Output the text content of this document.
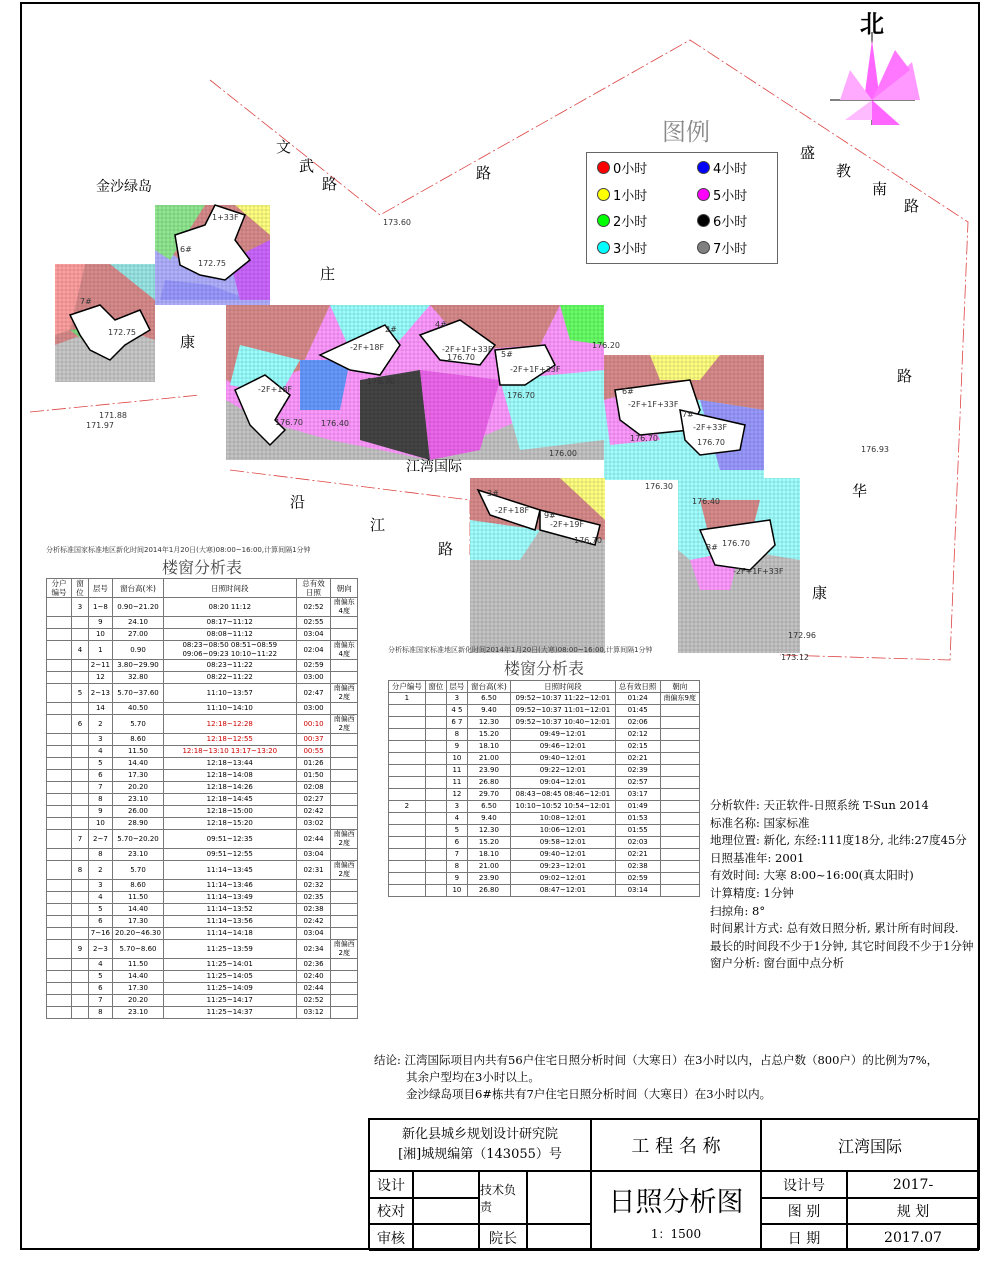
北
文
武
路
路
庄
康
盛
教
南
路
路
沿
江
路
华
康
金沙绿岛
江湾国际
2#
3#
4#
5#
6#
7#
8#
9#
6#
7#
-2F+18F
-2F+18F	-2F+1F+33F
-2F+1F+33F
-2F+1F+33F
-2F+33F
-2F+18F
-2F+19F
-2F+1F+33F
1+33F
173.60
171.88
171.97
172.75
172.75
176.70
176.70
176.70
176.70
176.40
176.20
176.00
176.30
176.93
176.40
176.70	176.70
176.70	176.70
172.96
173.12
图例
0小时	4小时
1小时	5小时
2小时	6小时
3小时	7小时
分析标准国家标准地区新化时间2014年1月20日(大寒)08:00~16:00,计算间隔1分钟
楼窗分析表
分户编号	窗位	层号	窗台高(米)	日照时间段	总有效日照	朝向
	3	1~8	0.90~21.20	08:20 11:12	02:52	南偏东4度
		9	24.10	08:17~11:12	02:55	
		10	27.00	08:08~11:12	03:04	
	4	1	0.90	08:23~08:50 08:51~08:59 09:06~09:23 10:10~11:22	02:04	南偏东4度
		2~11	3.80~29.90	08:23~11:22	02:59	
		12	32.80	08:22~11:22	03:00	
	5	2~13	5.70~37.60	11:10~13:57	02:47	南偏西2度
		14	40.50	11:10~14:10	03:00	
	6	2	5.70	12:18~12:28	00:10	南偏西2度
		3	8.60	12:18~12:55	00:37	
		4	11.50	12:18~13:10 13:17~13:20	00:55	
		5	14.40	12:18~13:44	01:26	
		6	17.30	12:18~14:08	01:50	
		7	20.20	12:18~14:26	02:08	
		8	23.10	12:18~14:45	02:27	
		9	26.00	12:18~15:00	02:42	
		10	28.90	12:18~15:20	03:02	
	7	2~7	5.70~20.20	09:51~12:35	02:44	南偏西2度
		8	23.10	09:51~12:55	03:04	
	8	2	5.70	11:14~13:45	02:31	南偏西2度
		3	8.60	11:14~13:46	02:32	
		4	11.50	11:14~13:49	02:35	
		5	14.40	11:14~13:52	02:38	
		6	17.30	11:14~13:56	02:42	
		7~16	20.20~46.30	11:14~14:18	03:04	
	9	2~3	5.70~8.60	11:25~13:59	02:34	南偏西2度
		4	11.50	11:25~14:01	02:36	
		5	14.40	11:25~14:05	02:40	
		6	17.30	11:25~14:09	02:44	
		7	20.20	11:25~14:17	02:52	
		8	23.10	11:25~14:37	03:12	
分析标准国家标准地区新化时间2014年1月20日(大寒)08:00~16:00,计算间隔1分钟
楼窗分析表
分户编号	窗位	层号	窗台高(米)	日照时间段	总有效日照	朝向
1		3	6.50	09:52~10:37 11:22~12:01	01:24	南偏东9度
		4 5	9.40	09:52~10:37 11:01~12:01	01:45	
		6 7	12.30	09:52~10:37 10:40~12:01	02:06	
		8	15.20	09:49~12:01	02:12	
		9	18.10	09:46~12:01	02:15	
		10	21.00	09:40~12:01	02:21	
		11	23.90	09:22~12:01	02:39	
		11	26.80	09:04~12:01	02:57	
		12	29.70	08:43~08:45 08:46~12:01	03:17	
2		3	6.50	10:10~10:52 10:54~12:01	01:49	
		4	9.40	10:08~12:01	01:53	
		5	12.30	10:06~12:01	01:55	
		6	15.20	09:58~12:01	02:03	
		7	18.10	09:40~12:01	02:21	
		8	21.00	09:23~12:01	02:38	
		9	23.90	09:02~12:01	02:59	
		10	26.80	08:47~12:01	03:14	
分析软件: 天正软件-日照系统 T-Sun 2014
标准名称: 国家标准
地理位置: 新化, 东经:111度18分, 北纬:27度45分
日照基准年: 2001
有效时间: 大寒 8:00~16:00(真太阳时)
计算精度: 1分钟
扫掠角: 8°
时间累计方式: 总有效日照分析, 累计所有时间段.
最长的时间段不少于1分钟, 其它时间段不少于1分钟
窗户分析: 窗台面中点分析
结论: 江湾国际项目内共有56户住宅日照分析时间（大寒日）在3小时以内，占总户数（800户）的比例为7%，
其余户型均在3小时以上。
金沙绿岛项目6#栋共有7户住宅日照分析时间（大寒日）在3小时以内。
新化县城乡规划设计研究院
[湘]城规编第（143055）号	工 程 名 称	江湾国际
设计	技术负责
校对
审核	院长
日照分析图
1：1500
设计号	2017-
图 别	规 划
日 期	2017.07
